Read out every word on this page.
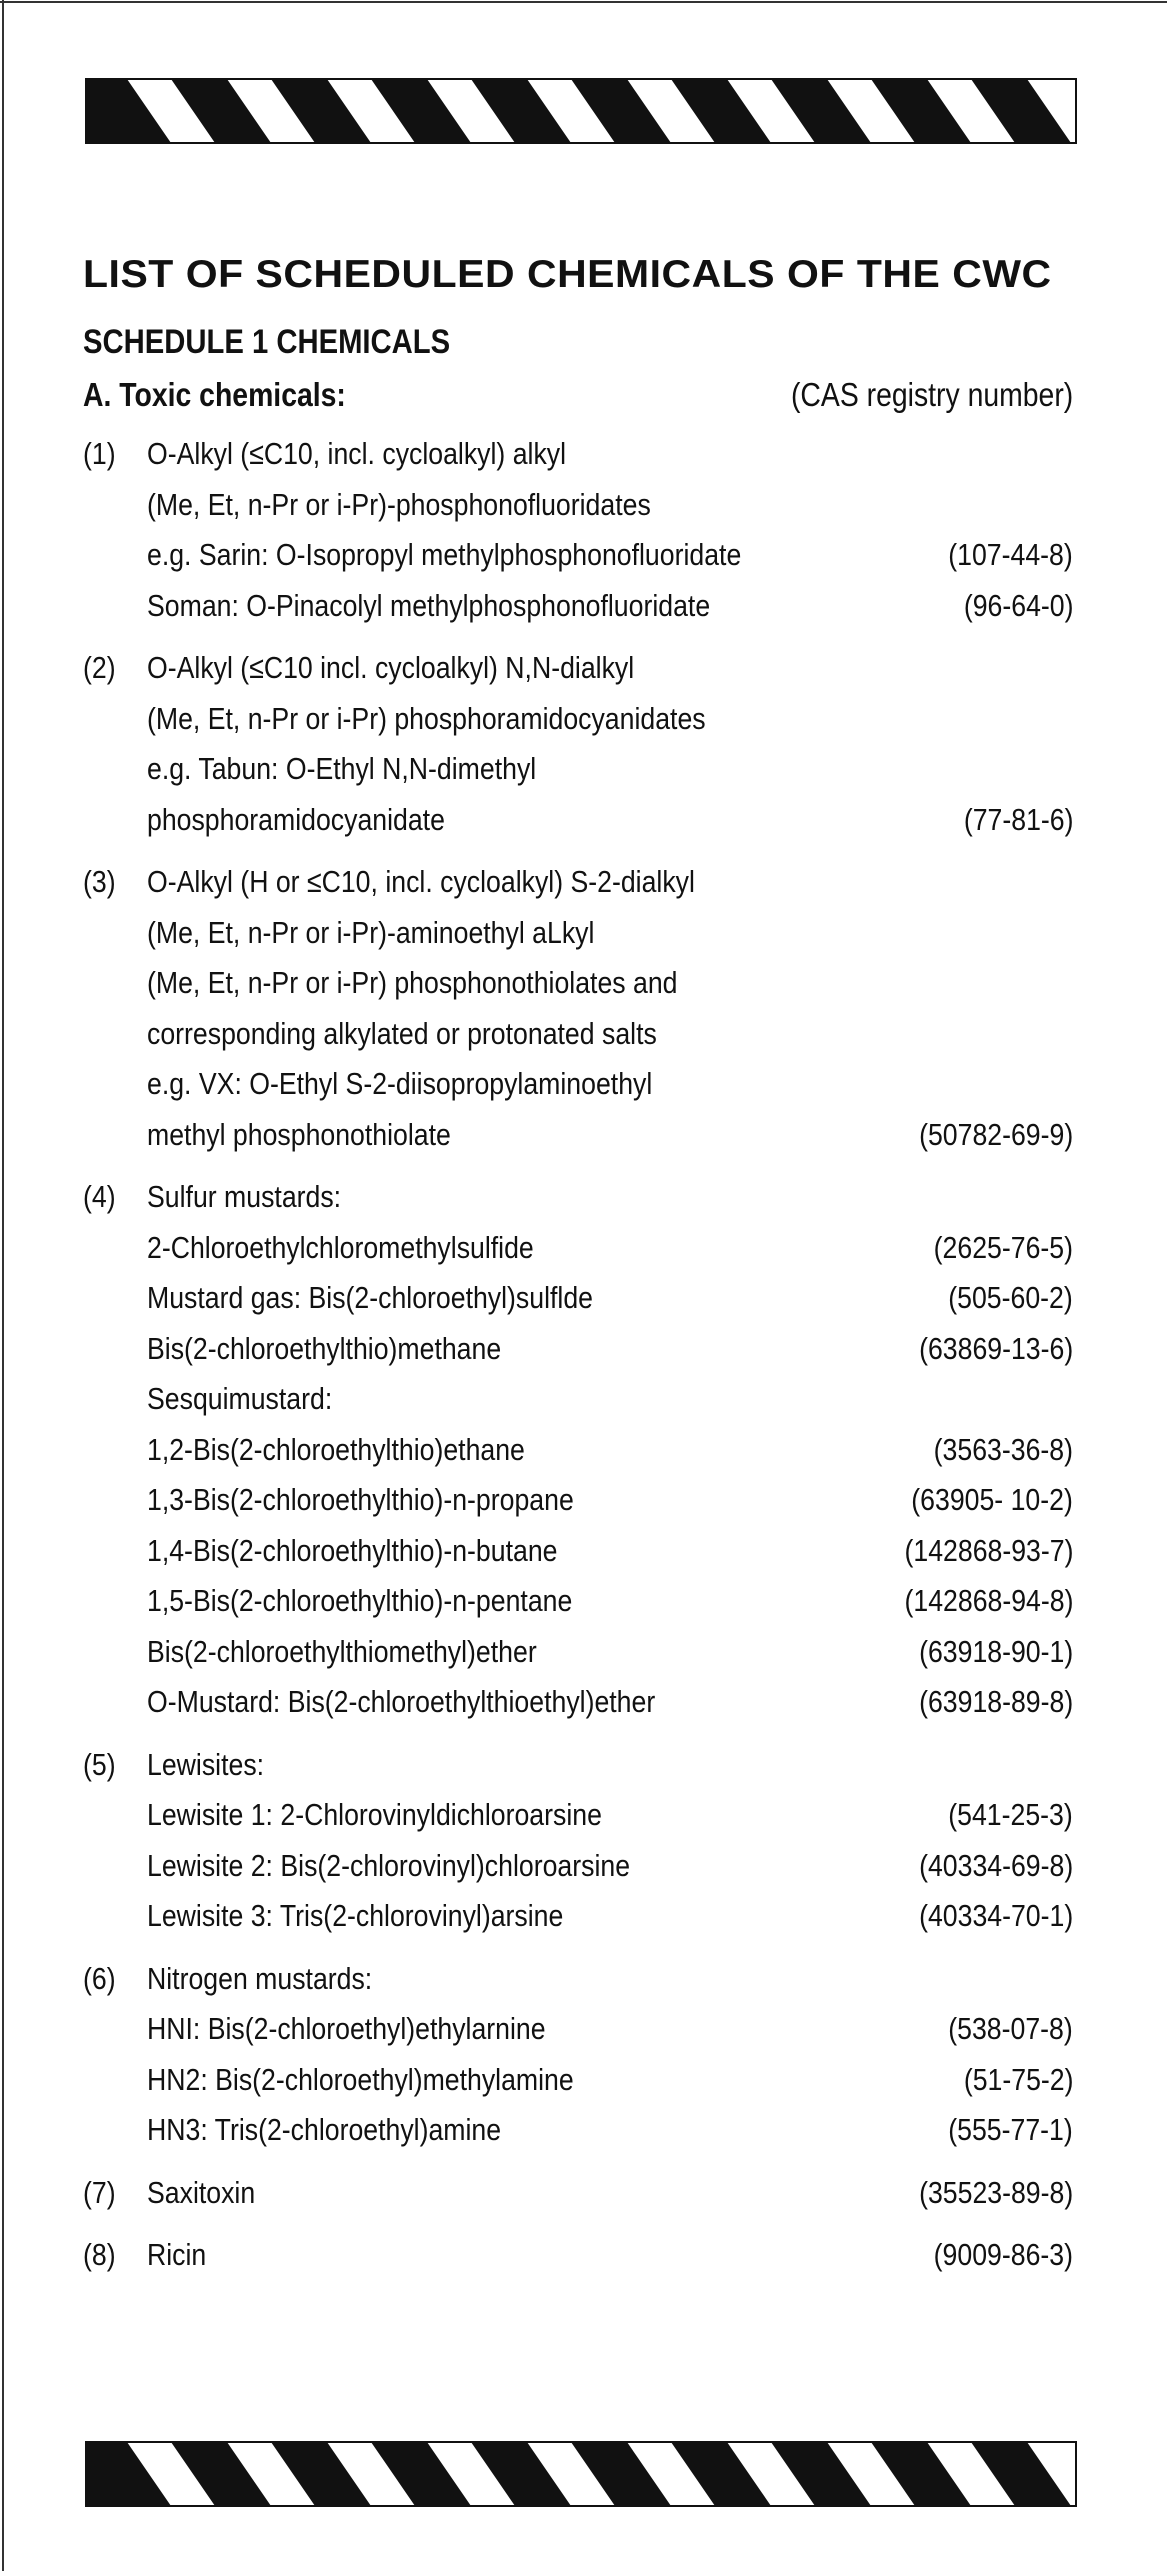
LIST OF SCHEDULED CHEMICALS OF THE CWC
SCHEDULE 1 CHEMICALS
A. Toxic chemicals:	(CAS registry number)
(1)	O-Alkyl (≤C10, incl. cycloalkyl) alkyl
(Me, Et, n-Pr or i-Pr)-phosphonofluoridates
e.g. Sarin: O-Isopropyl methylphosphonofluoridate	(107-44-8)
Soman: O-Pinacolyl methylphosphonofluoridate	(96-64-0)
(2)	O-Alkyl (≤C10 incl. cycloalkyl) N,N-dialkyl
(Me, Et, n-Pr or i-Pr) phosphoramidocyanidates
e.g. Tabun: O-Ethyl N,N-dimethyl
phosphoramidocyanidate	(77-81-6)
(3)	O-Alkyl (H or ≤C10, incl. cycloalkyl) S-2-dialkyl
(Me, Et, n-Pr or i-Pr)-aminoethyl aLkyl
(Me, Et, n-Pr or i-Pr) phosphonothiolates and
corresponding alkylated or protonated salts
e.g. VX: O-Ethyl S-2-diisopropylaminoethyl
methyl phosphonothiolate	(50782-69-9)
(4)	Sulfur mustards:
2-Chloroethylchloromethylsulfide	(2625-76-5)
Mustard gas: Bis(2-chloroethyl)sulflde	(505-60-2)
Bis(2-chloroethylthio)methane	(63869-13-6)
Sesquimustard:
1,2-Bis(2-chloroethylthio)ethane	(3563-36-8)
1,3-Bis(2-chloroethylthio)-n-propane	(63905- 10-2)
1,4-Bis(2-chloroethylthio)-n-butane	(142868-93-7)
1,5-Bis(2-chloroethylthio)-n-pentane	(142868-94-8)
Bis(2-chloroethylthiomethyl)ether	(63918-90-1)
O-Mustard: Bis(2-chloroethylthioethyl)ether	(63918-89-8)
(5)	Lewisites:
Lewisite 1: 2-Chlorovinyldichloroarsine	(541-25-3)
Lewisite 2: Bis(2-chlorovinyl)chloroarsine	(40334-69-8)
Lewisite 3: Tris(2-chlorovinyl)arsine	(40334-70-1)
(6)	Nitrogen mustards:
HNI: Bis(2-chloroethyl)ethylarnine	(538-07-8)
HN2: Bis(2-chloroethyl)methylamine	(51-75-2)
HN3: Tris(2-chloroethyl)amine	(555-77-1)
(7)	Saxitoxin	(35523-89-8)
(8)	Ricin	(9009-86-3)
